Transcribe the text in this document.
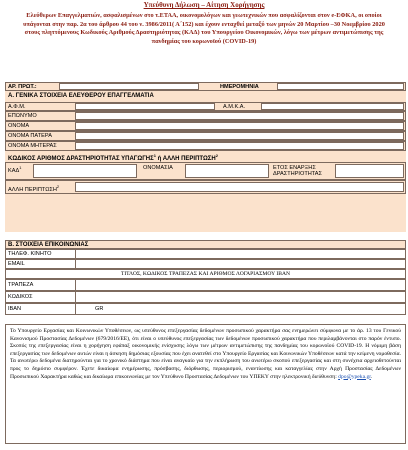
Υπεύθυνη Δήλωση – Αίτηση Χορήγησης
Ελεύθερων Επαγγελματιών, ασφαλισμένων στο τ.ΕΤΑΑ, οικονομολόγων και γεωτεχνικών που ασφαλίζονται στον e-ΕΦΚΑ, οι οποίοι υπάγονται στην παρ. 2α του άρθρου 44 του ν. 3986/2011( Α΄152) και έχουν ενταχθεί μεταξύ των μηνών 20 Μαρτίου –30 Νοεμβρίου 2020 στους πληττόμενους Κωδικούς Αριθμούς Δραστηριότητας (ΚΑΔ) του Υπουργείου Οικονομικών, λόγω των μέτρων αντιμετώπισης της πανδημίας του κορωνοϊού (COVID-19)
ΑΡ. ΠΡΩΤ.:	ΗΜΕΡΟΜΗΝΙΑ
Α. ΓΕΝΙΚΑ ΣΤΟΙΧΕΙΑ ΕΛΕΥΘΕΡΟΥ ΕΠΑΓΓΕΛΜΑΤΙΑ
Α.Φ.Μ.	Α.Μ.Κ.Α.
ΕΠΩΝΥΜΟ
ΟΝΟΜΑ
ΟΝΟΜΑ ΠΑΤΕΡΑ
ΟΝΟΜΑ ΜΗΤΕΡΑΣ
ΚΩΔΙΚΟΣ ΑΡΙΘΜΟΣ ΔΡΑΣΤΗΡΙΟΤΗΤΑΣ ΥΠΑΓΩΓΗΣ$^1$ ή ΑΛΛΗ ΠΕΡΙΠΤΩΣΗ$^2$
ΚΑΔ$^1$	ΟΝΟΜΑΣΙΑ	ΕΤΟΣ ΕΝΑΡΞΗΣ ΔΡΑΣΤΗΡΙΟΤΗΤΑΣ
ΑΛΛΗ ΠΕΡΙΠΤΩΣΗ$^2$
Β. ΣΤΟΙΧΕΙΑ ΕΠΙΚΟΙΝΩΝΙΑΣ
ΤΗΛΕΦ. ΚΙΝΗΤΟ
EMAIL
ΤΙΤΛΟΣ, ΚΩΔΙΚΟΣ ΤΡΑΠΕΖΑΣ ΚΑΙ ΑΡΙΘΜΟΣ ΛΟΓΑΡΙΑΣΜΟΥ IBAN
ΤΡΑΠΕΖΑ
ΚΩΔΙΚΟΣ
IBAN	GR
Το Υπουργείο Εργασίας και Κοινωνικών Υποθέσεων, ως υπεύθυνος επεξεργασίας δεδομένων προσωπικού χαρακτήρα σας ενημερώνει σύμφωνα με το άρ. 13 του Γενικού Κανονισμού Προστασίας Δεδομένων (679/2016/ΕΕ), ότι είναι ο υπεύθυνος επεξεργασίας των δεδομένων προσωπικού χαρακτήρα που περιλαμβάνονται στο παρόν έντυπο. Σκοπός της επεξεργασίας είναι η χορήγηση εφάπαξ οικονομικής ενίσχυσης λόγω των μέτρων αντιμετώπισης της πανδημίας του κορωνοϊού COVID-19. Η νόμιμη βάση επεξεργασίας των δεδομένων αυτών είναι η άσκηση δημόσιας εξουσίας που έχει ανατεθεί στο Υπουργείο Εργασίας και Κοινωνικών Υποθέσεων κατά την κείμενη νομοθεσία. Τα ανωτέρω δεδομένα διατηρούνται για το χρονικό διάστημα που είναι αναγκαίο για την εκπλήρωση του ανωτέρω σκοπού επεξεργασίας και στη συνέχεια αρχειοθετούνται προς το δημόσιο συμφέρον. Έχετε δικαίωμα ενημέρωσης, πρόσβασης, διόρθωσης, περιορισμού, εναντίωσης και καταγγελίας στην Αρχή Προστασίας Δεδομένων Προσωπικού Χαρακτήρα καθώς και δικαίωμα επικοινωνίας με τον Υπεύθυνο Προστασίας Δεδομένων του ΥΠΕΚΥ στην ηλεκτρονική διεύθυνση: dpo@ypeka.gr.
